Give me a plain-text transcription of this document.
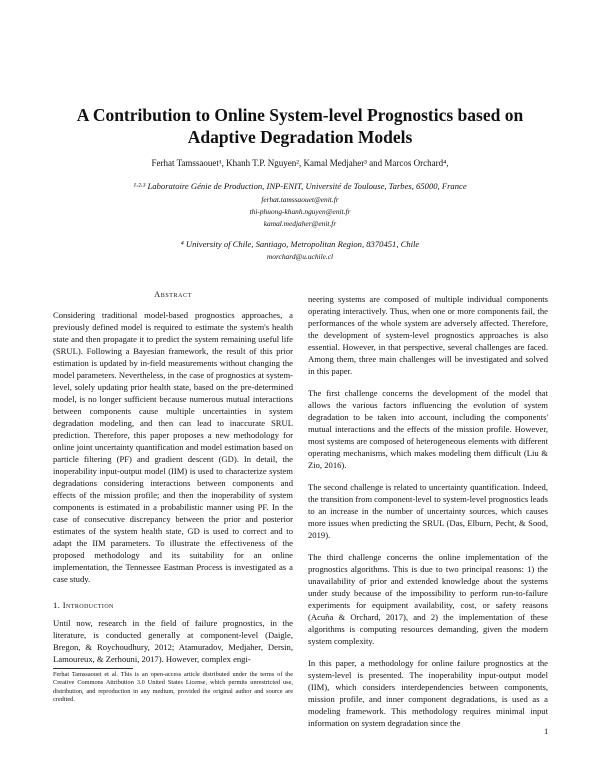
A Contribution to Online System-level Prognostics based on
Adaptive Degradation Models
Ferhat Tamssaouet¹, Khanh T.P. Nguyen², Kamal Medjaher³ and Marcos Orchard⁴,
¹·²·³ Laboratoire Génie de Production, INP-ENIT, Université de Toulouse, Tarbes, 65000, France
ferhat.tamssaouet@enit.fr
thi-phuong-khanh.nguyen@enit.fr
kamal.medjaher@enit.fr
⁴ University of Chile, Santiago, Metropolitan Region, 8370451, Chile
morchard@u.uchile.cl
Abstract

Considering traditional model-based prognostics approaches, a previously defined model is required to estimate the system's health state and then propagate it to predict the system remaining useful life (SRUL). Following a Bayesian framework, the result of this prior estimation is updated by in-field measurements without changing the model parameters. Nevertheless, in the case of prognostics at system-level, solely updating prior health state, based on the pre-determined model, is no longer sufficient because numerous mutual interactions between components cause multiple uncertainties in system degradation modeling, and then can lead to inaccurate SRUL prediction. Therefore, this paper proposes a new methodology for online joint uncertainty quantification and model estimation based on particle filtering (PF) and gradient descent (GD). In detail, the inoperability input-output model (IIM) is used to characterize system degradations considering interactions between components and effects of the mission profile; and then the inoperability of system components is estimated in a probabilistic manner using PF. In the case of consecutive discrepancy between the prior and posterior estimates of the system health state, GD is used to correct and to adapt the IIM parameters. To illustrate the effectiveness of the proposed methodology and its suitability for an online implementation, the Tennessee Eastman Process is investigated as a case study.

1. Introduction

Until now, research in the field of failure prognostics, in the literature, is conducted generally at component-level (Daigle, Bregon, & Roychoudhury, 2012; Atamuradov, Medjaher, Dersin, Lamoureux, & Zerhouni, 2017). However, complex engi-

neering systems are composed of multiple individual components operating interactively. Thus, when one or more components fail, the performances of the whole system are adversely affected. Therefore, the development of system-level prognostics approaches is also essential. However, in that perspective, several challenges are faced. Among them, three main challenges will be investigated and solved in this paper.

The first challenge concerns the development of the model that allows the various factors influencing the evolution of system degradation to be taken into account, including the components' mutual interactions and the effects of the mission profile. However, most systems are composed of heterogeneous elements with different operating mechanisms, which makes modeling them difficult (Liu & Zio, 2016).

The second challenge is related to uncertainty quantification. Indeed, the transition from component-level to system-level prognostics leads to an increase in the number of uncertainty sources, which causes more issues when predicting the SRUL (Das, Elburn, Pecht, & Sood, 2019).

The third challenge concerns the online implementation of the prognostics algorithms. This is due to two principal reasons: 1) the unavailability of prior and extended knowledge about the systems under study because of the impossibility to perform run-to-failure experiments for equipment availability, cost, or safety reasons (Acuña & Orchard, 2017), and 2) the implementation of these algorithms is computing resources demanding, given the modern system complexity.

In this paper, a methodology for online failure prognostics at the system-level is presented. The inoperability input-output model (IIM), which considers interdependencies between components, mission profile, and inner component degradations, is used as a modeling framework. This methodology requires minimal input information on system degradation since the

Ferhat Tamssaouet et al. This is an open-access article distributed under the terms of the Creative Commons Attribution 3.0 United States License, which permits unrestricted use, distribution, and reproduction in any medium, provided the original author and source are credited.
1
